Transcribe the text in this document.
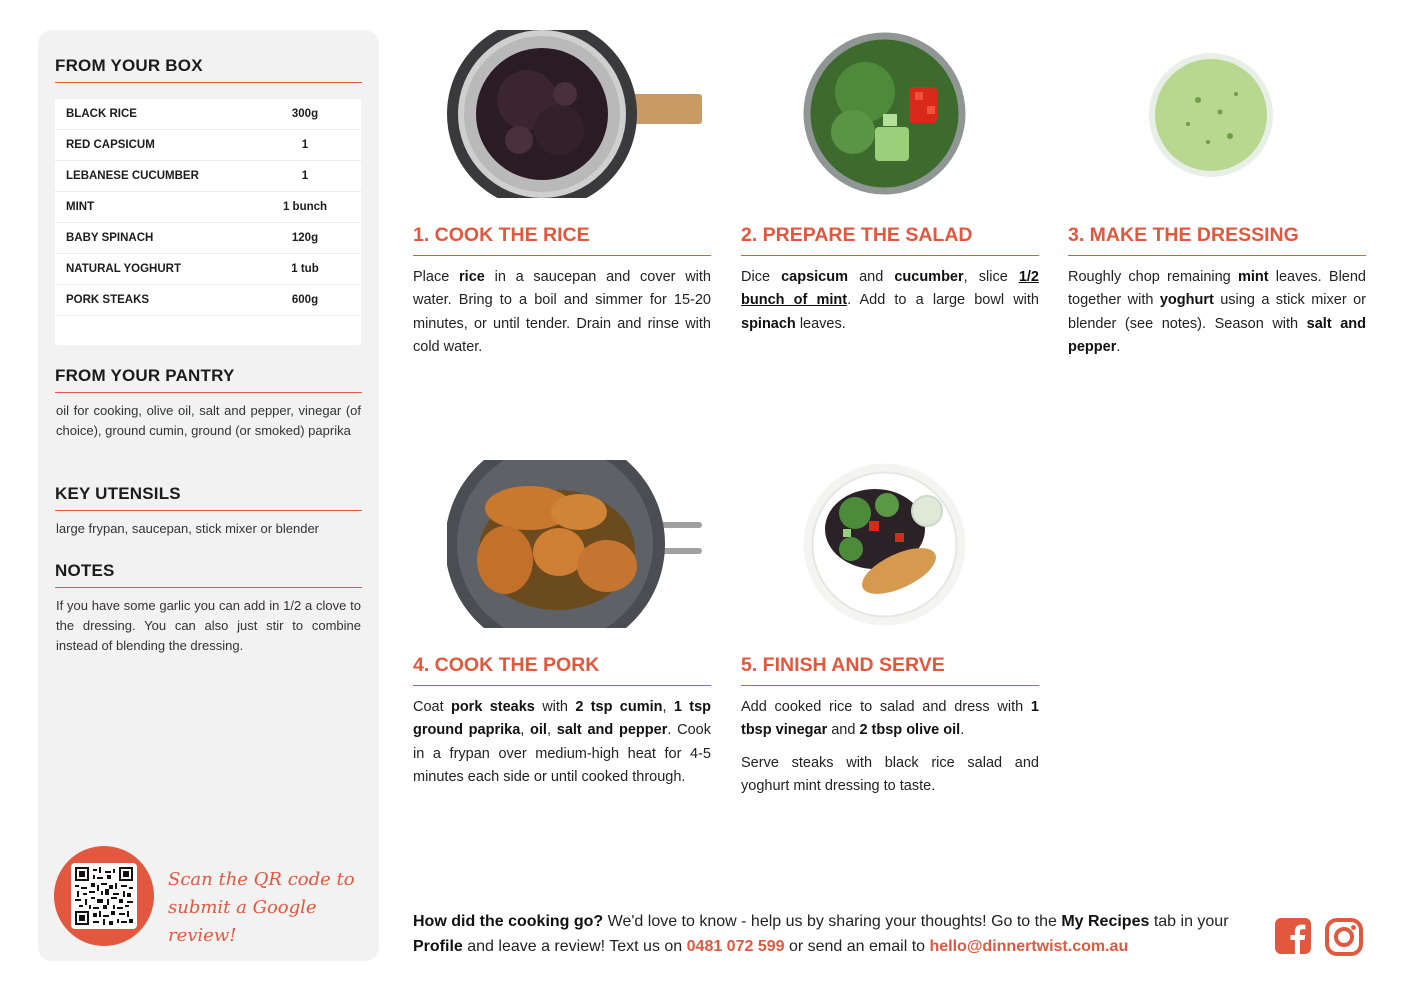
FROM YOUR BOX
BLACK RICE	300g
RED CAPSICUM	1
LEBANESE CUCUMBER	1
MINT	1 bunch
BABY SPINACH	120g
NATURAL YOGHURT	1 tub
PORK STEAKS	600g
FROM YOUR PANTRY
oil for cooking, olive oil, salt and pepper, vinegar (of choice), ground cumin, ground (or smoked) paprika
KEY UTENSILS
large frypan, saucepan, stick mixer or blender
NOTES
If you have some garlic you can add in 1/2 a clove to the dressing. You can also just stir to combine instead of blending the dressing.
Scan the QR code to
submit a Google review!
1. COOK THE RICE

Place rice in a saucepan and cover with water. Bring to a boil and simmer for 15-20 minutes, or until tender. Drain and rinse with cold water.

2. PREPARE THE SALAD

Dice capsicum and cucumber, slice 1/2 bunch of mint. Add to a large bowl with spinach leaves.

3. MAKE THE DRESSING

Roughly chop remaining mint leaves. Blend together with yoghurt using a stick mixer or blender (see notes). Season with salt and pepper.

4. COOK THE PORK

Coat pork steaks with 2 tsp cumin, 1 tsp ground paprika, oil, salt and pepper. Cook in a frypan over medium-high heat for 4-5 minutes each side or until cooked through.

5. FINISH AND SERVE

Add cooked rice to salad and dress with 1 tbsp vinegar and 2 tbsp olive oil.

Serve steaks with black rice salad and yoghurt mint dressing to taste.

How did the cooking go? We'd love to know - help us by sharing your thoughts! Go to the My Recipes tab in your Profile and leave a review! Text us on 0481 072 599 or send an email to hello@dinnertwist.com.au
